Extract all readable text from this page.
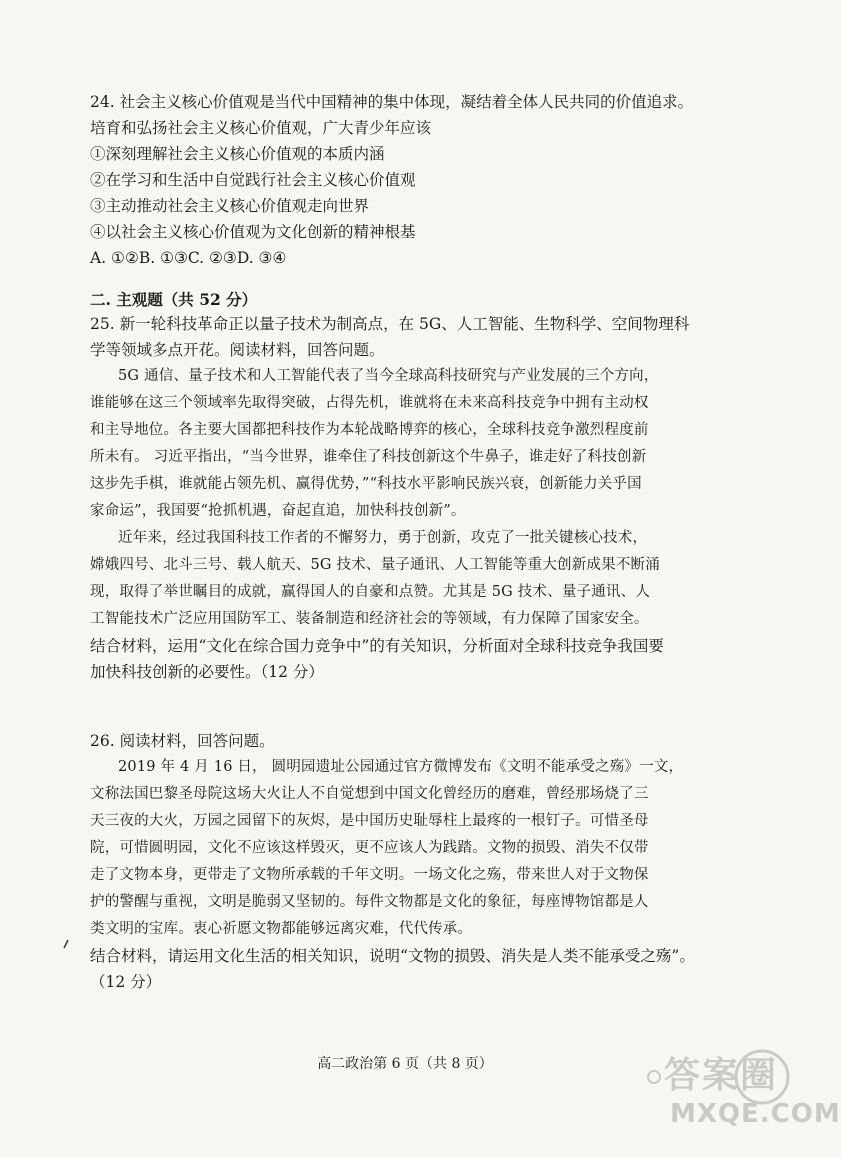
24. 社会主义核心价值观是当代中国精神的集中体现，凝结着全体人民共同的价值追求。
培育和弘扬社会主义核心价值观，广大青少年应该
①深刻理解社会主义核心价值观的本质内涵
②在学习和生活中自觉践行社会主义核心价值观
③主动推动社会主义核心价值观走向世界
④以社会主义核心价值观为文化创新的精神根基
A. ①②B. ①③C. ②③D. ③④
二. 主观题（共 52 分）
25. 新一轮科技革命正以量子技术为制高点，在 5G、人工智能、生物科学、空间物理科
学等领域多点开花。阅读材料，回答问题。
5G 通信、量子技术和人工智能代表了当今全球高科技研究与产业发展的三个方向，
谁能够在这三个领域率先取得突破，占得先机，谁就将在未来高科技竞争中拥有主动权
和主导地位。各主要大国都把科技作为本轮战略博弈的核心，全球科技竞争激烈程度前
所未有。 习近平指出，“当今世界，谁牵住了科技创新这个牛鼻子，谁走好了科技创新
这步先手棋，谁就能占领先机、赢得优势，”“科技水平影响民族兴衰，创新能力关乎国
家命运”，我国要“抢抓机遇，奋起直追，加快科技创新”。
近年来，经过我国科技工作者的不懈努力，勇于创新，攻克了一批关键核心技术，
嫦娥四号、北斗三号、载人航天、5G 技术、量子通讯、人工智能等重大创新成果不断涌
现，取得了举世瞩目的成就，赢得国人的自豪和点赞。尤其是 5G 技术、量子通讯、人
工智能技术广泛应用国防军工、装备制造和经济社会的等领域，有力保障了国家安全。
结合材料，运用“文化在综合国力竞争中”的有关知识，分析面对全球科技竞争我国要
加快科技创新的必要性。（12 分）
26. 阅读材料，回答问题。
2019 年 4 月 16 日， 圆明园遗址公园通过官方微博发布《文明不能承受之殇》一文，
文称法国巴黎圣母院这场大火让人不自觉想到中国文化曾经历的磨难，曾经那场烧了三
天三夜的大火，万园之园留下的灰烬，是中国历史耻辱柱上最疼的一根钉子。可惜圣母
院，可惜圆明园，文化不应该这样毁灭，更不应该人为践踏。文物的损毁、消失不仅带
走了文物本身，更带走了文物所承载的千年文明。一场文化之殇，带来世人对于文物保
护的警醒与重视，文明是脆弱又坚韧的。每件文物都是文化的象征，每座博物馆都是人
类文明的宝库。衷心祈愿文物都能够远离灾难，代代传承。
结合材料，请运用文化生活的相关知识，说明“文物的损毁、消失是人类不能承受之殇”。
（12 分）
高二政治第 6 页（共 8 页）	答案圈
MXQE.COM
